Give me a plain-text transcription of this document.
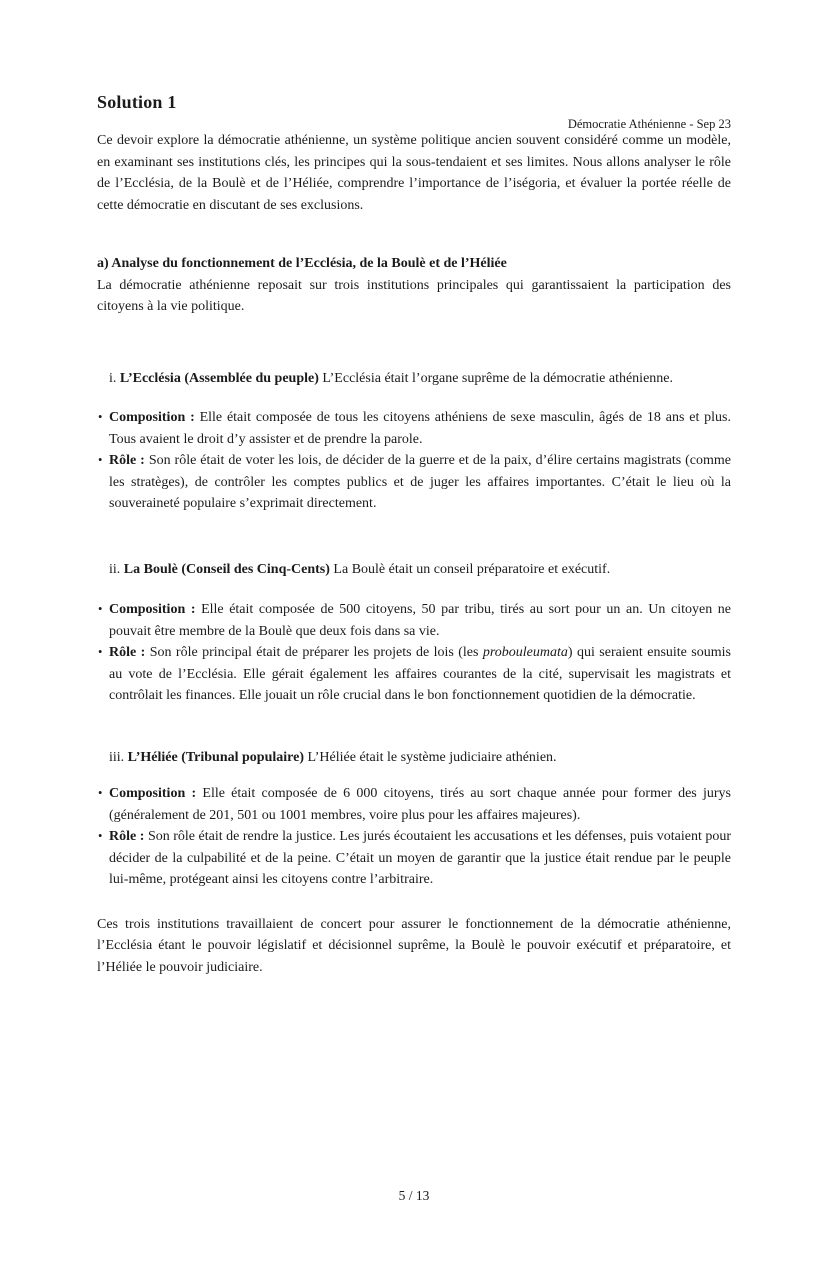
Démocratie Athénienne - Sep 23
Solution 1

Ce devoir explore la démocratie athénienne, un système politique ancien souvent considéré comme un modèle, en examinant ses institutions clés, les principes qui la sous-tendaient et ses limites. Nous allons analyser le rôle de l’Ecclésia, de la Boulè et de l’Héliée, comprendre l’importance de l’iségoria, et évaluer la portée réelle de cette démocratie en discutant de ses exclusions.

a) Analyse du fonctionnement de l’Ecclésia, de la Boulè et de l’Héliée

La démocratie athénienne reposait sur trois institutions principales qui garantissaient la participation des citoyens à la vie politique.

i. L’Ecclésia (Assemblée du peuple) L’Ecclésia était l’organe suprême de la démocratie athénienne.

• Composition : Elle était composée de tous les citoyens athéniens de sexe masculin, âgés de 18 ans et plus. Tous avaient le droit d’y assister et de prendre la parole.
• Rôle : Son rôle était de voter les lois, de décider de la guerre et de la paix, d’élire certains magistrats (comme les stratèges), de contrôler les comptes publics et de juger les affaires importantes. C’était le lieu où la souveraineté populaire s’exprimait directement.

ii. La Boulè (Conseil des Cinq-Cents) La Boulè était un conseil préparatoire et exécutif.

• Composition : Elle était composée de 500 citoyens, 50 par tribu, tirés au sort pour un an. Un citoyen ne pouvait être membre de la Boulè que deux fois dans sa vie.
• Rôle : Son rôle principal était de préparer les projets de lois (les probouleumata) qui seraient ensuite soumis au vote de l’Ecclésia. Elle gérait également les affaires courantes de la cité, supervisait les magistrats et contrôlait les finances. Elle jouait un rôle crucial dans le bon fonctionnement quotidien de la démocratie.

iii. L’Héliée (Tribunal populaire) L’Héliée était le système judiciaire athénien.

• Composition : Elle était composée de 6 000 citoyens, tirés au sort chaque année pour former des jurys (généralement de 201, 501 ou 1001 membres, voire plus pour les affaires majeures).
• Rôle : Son rôle était de rendre la justice. Les jurés écoutaient les accusations et les défenses, puis votaient pour décider de la culpabilité et de la peine. C’était un moyen de garantir que la justice était rendue par le peuple lui-même, protégeant ainsi les citoyens contre l’arbitraire.

Ces trois institutions travaillaient de concert pour assurer le fonctionnement de la démocratie athénienne, l’Ecclésia étant le pouvoir législatif et décisionnel suprême, la Boulè le pouvoir exécutif et préparatoire, et l’Héliée le pouvoir judiciaire.

5 / 13
